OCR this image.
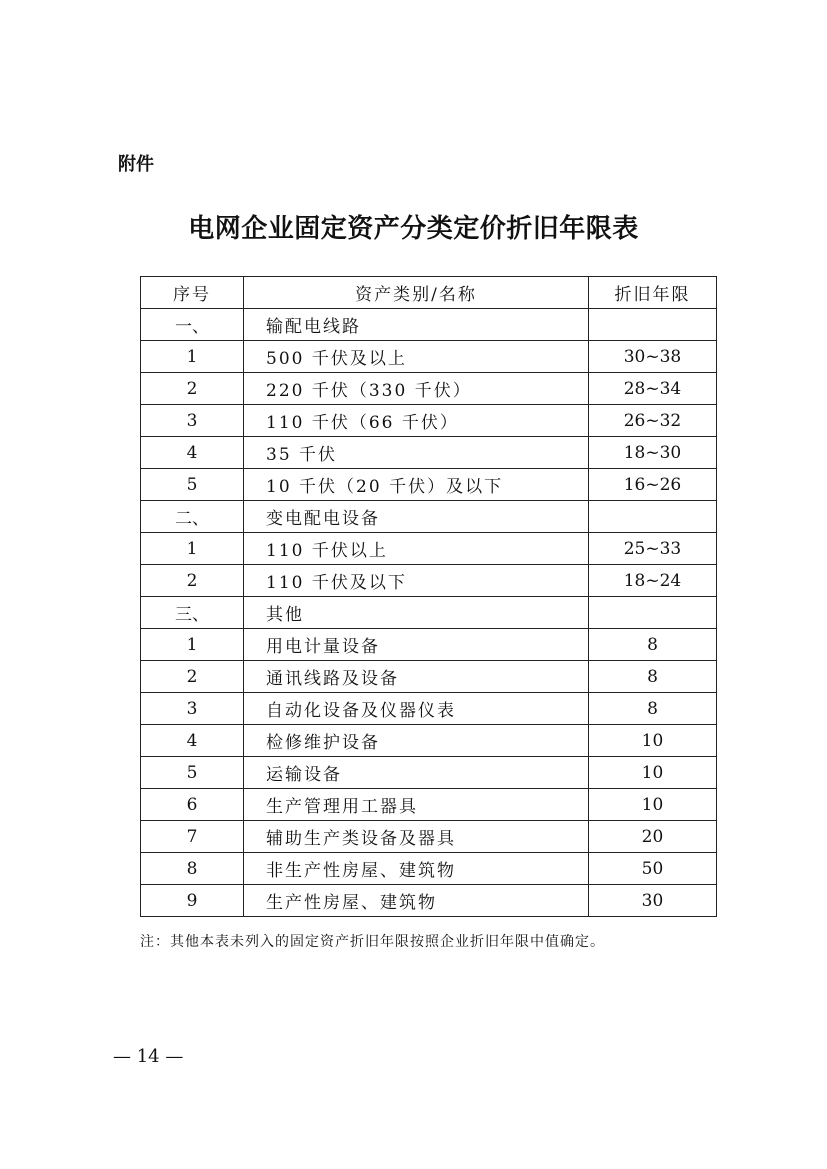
附件
电网企业固定资产分类定价折旧年限表
序号	资产类别/名称	折旧年限
一、	输配电线路	
1	500 千伏及以上	30~38
2	220 千伏（330 千伏）	28~34
3	110 千伏（66 千伏）	26~32
4	35 千伏	18~30
5	10 千伏（20 千伏）及以下	16~26
二、	变电配电设备	
1	110 千伏以上	25~33
2	110 千伏及以下	18~24
三、	其他	
1	用电计量设备	8
2	通讯线路及设备	8
3	自动化设备及仪器仪表	8
4	检修维护设备	10
5	运输设备	10
6	生产管理用工器具	10
7	辅助生产类设备及器具	20
8	非生产性房屋、建筑物	50
9	生产性房屋、建筑物	30
注：其他本表未列入的固定资产折旧年限按照企业折旧年限中值确定。
— 14 —
